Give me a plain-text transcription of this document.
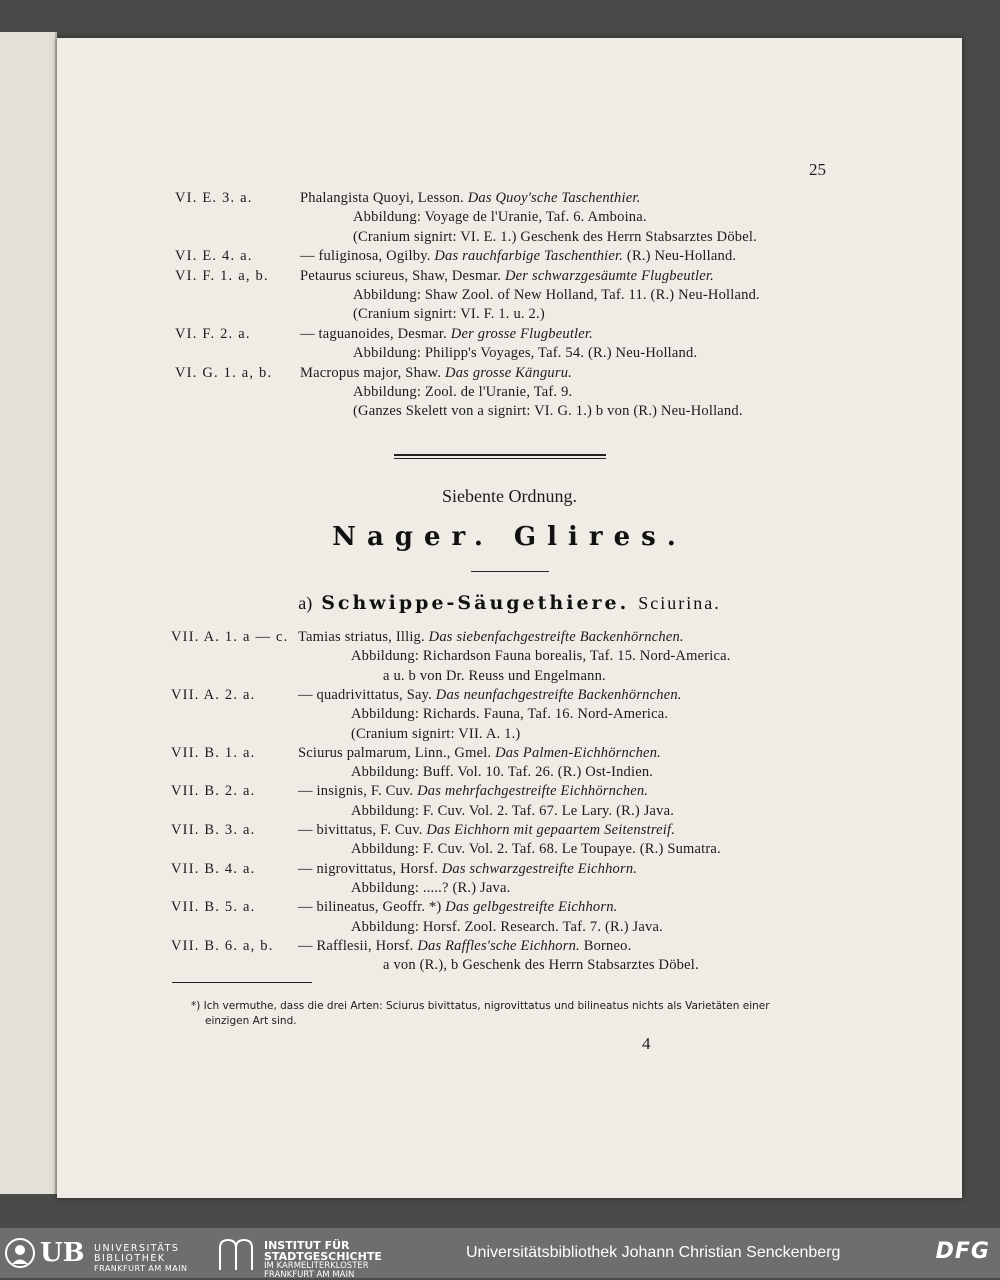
25
VI. E. 3. a.	Phalangista Quoyi, Lesson. Das Quoy'sche Taschenthier.
Abbildung: Voyage de l'Uranie, Taf. 6. Amboina.
(Cranium signirt: VI. E. 1.) Geschenk des Herrn Stabsarztes Döbel.
VI. E. 4. a.	— fuliginosa, Ogilby. Das rauchfarbige Taschenthier. (R.) Neu-Holland.
VI. F. 1. a, b. Petaurus sciureus, Shaw, Desmar. Der schwarzgesäumte Flugbeutler.
Abbildung: Shaw Zool. of New Holland, Taf. 11. (R.) Neu-Holland.
(Cranium signirt: VI. F. 1. u. 2.)
VI. F. 2. a.	— taguanoides, Desmar. Der grosse Flugbeutler.
Abbildung: Philipp's Voyages, Taf. 54. (R.) Neu-Holland.
VI. G. 1. a, b. Macropus major, Shaw. Das grosse Känguru.
Abbildung: Zool. de l'Uranie, Taf. 9.
(Ganzes Skelett von a signirt: VI. G. 1.) b von (R.) Neu-Holland.
Siebente Ordnung.
Nager. Glires.
a) Schwippe-Säugethiere. Sciurina.
VII. A. 1. a — c. Tamias striatus, Illig. Das siebenfachgestreifte Backenhörnchen.
Abbildung: Richardson Fauna borealis, Taf. 15. Nord-America.
a u. b von Dr. Reuss und Engelmann.
VII. A. 2. a.	— quadrivittatus, Say. Das neunfachgestreifte Backenhörnchen.
Abbildung: Richards. Fauna, Taf. 16. Nord-America.
(Cranium signirt: VII. A. 1.)
VII. B. 1. a.	Sciurus palmarum, Linn., Gmel. Das Palmen-Eichhörnchen.
Abbildung: Buff. Vol. 10. Taf. 26. (R.) Ost-Indien.
VII. B. 2. a.	— insignis, F. Cuv. Das mehrfachgestreifte Eichhörnchen.
Abbildung: F. Cuv. Vol. 2. Taf. 67. Le Lary. (R.) Java.
VII. B. 3. a.	— bivittatus, F. Cuv. Das Eichhorn mit gepaartem Seitenstreif.
Abbildung: F. Cuv. Vol. 2. Taf. 68. Le Toupaye. (R.) Sumatra.
VII. B. 4. a.	— nigrovittatus, Horsf. Das schwarzgestreifte Eichhorn.
Abbildung: .....? (R.) Java.
VII. B. 5. a.	— bilineatus, Geoffr. *) Das gelbgestreifte Eichhorn.
Abbildung: Horsf. Zool. Research. Taf. 7. (R.) Java.
VII. B. 6. a, b. — Rafflesii, Horsf. Das Raffles'sche Eichhorn. Borneo.
a von (R.), b Geschenk des Herrn Stabsarztes Döbel.
*) Ich vermuthe, dass die drei Arten: Sciurus bivittatus, nigrovittatus und bilineatus nichts als Varietäten einer
einzigen Art sind.
4
UB UNIVERSITÄTS
BIBLIOTHEK
FRANKFURT AM MAIN
INSTITUT FÜR
STADTGESCHICHTE
IM KARMELITERKLOSTER
FRANKFURT AM MAIN
Universitätsbibliothek Johann Christian Senckenberg	DFG
